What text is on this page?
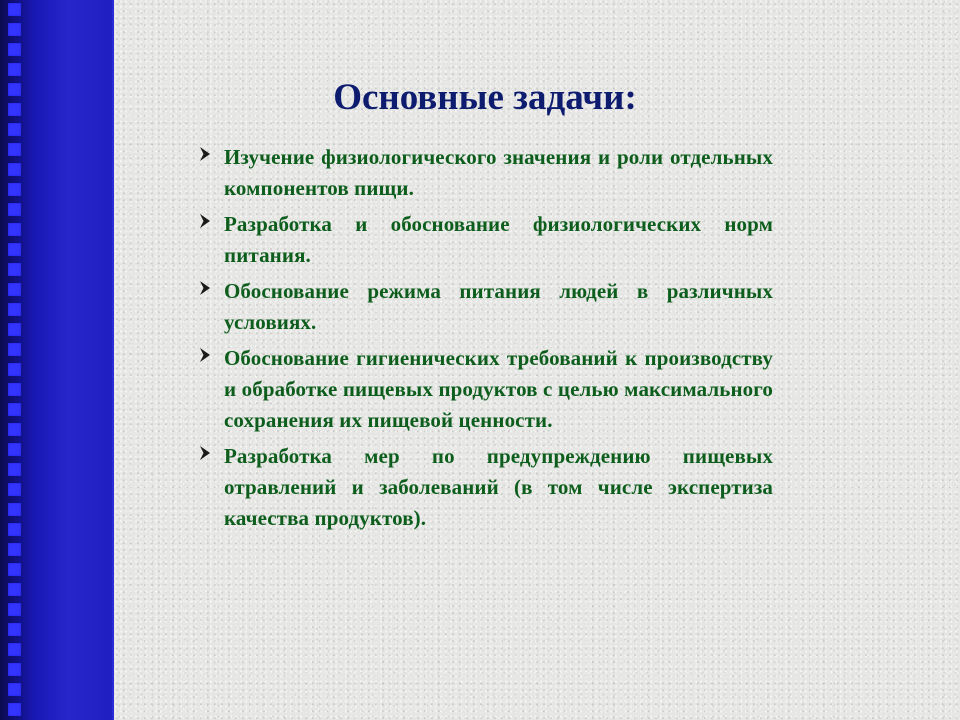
Основные задачи:
Изучение физиологического значения и роли отдельных компонентов пищи.
Разработка и обоснование физиологических норм питания.
Обоснование режима питания людей в различных условиях.
Обоснование гигиенических требований к производству и обработке пищевых продуктов с целью максимального сохранения их пищевой ценности.
Разработка мер по предупреждению пищевых отравлений и заболеваний (в том числе экспертиза качества продуктов).
